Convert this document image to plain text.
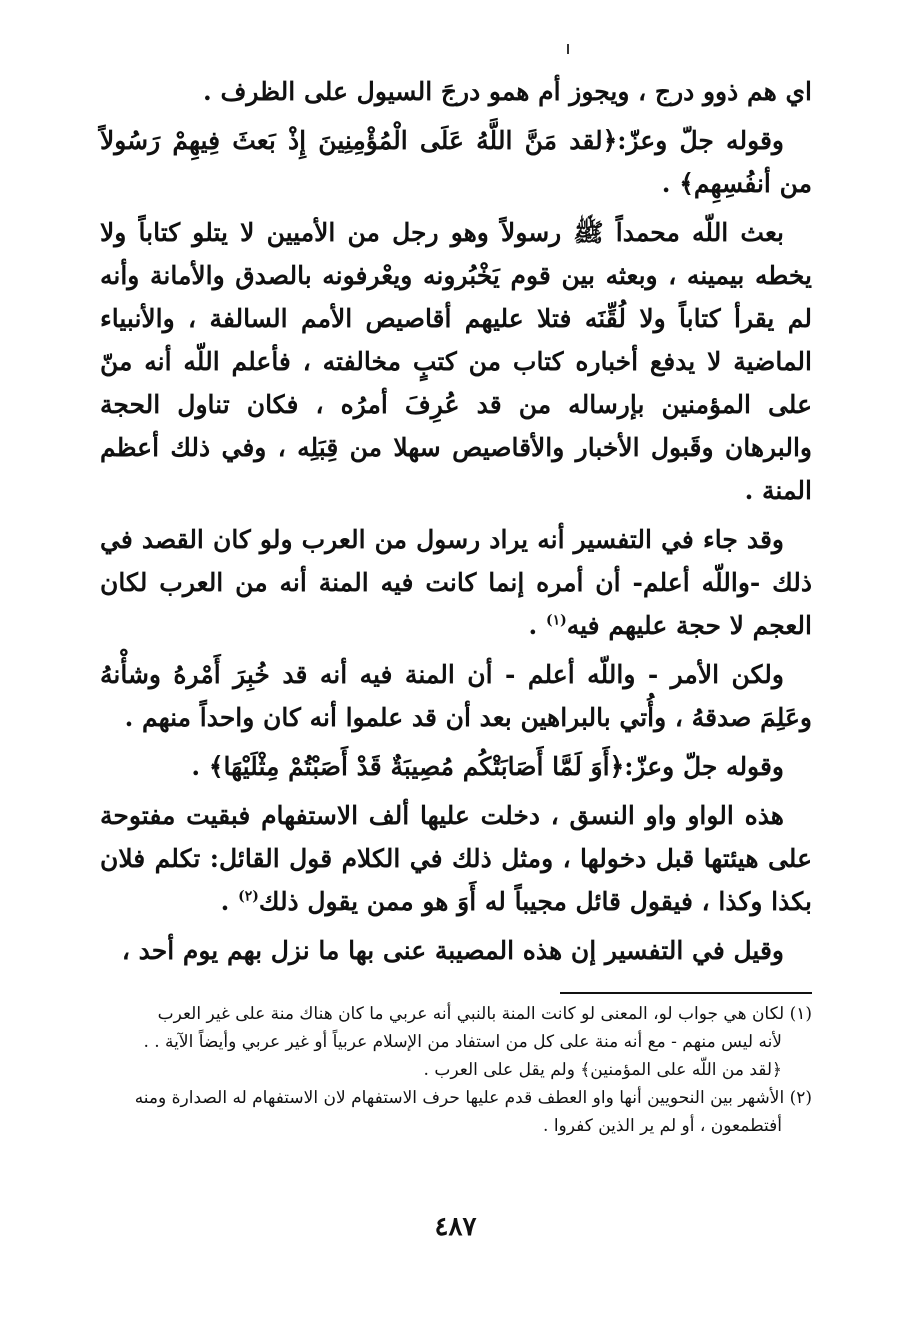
اي هم ذوو درج ، ويجوز أم همو درجَ السيول على الظرف .

وقوله جلّ وعزّ:﴿لقد مَنَّ اللَّهُ عَلَى الْمُؤْمِنِينَ إِذْ بَعثَ فِيهِمْ رَسُولاً من أنفُسِهِم﴾ .

بعث اللّه محمداً ﷺ رسولاً وهو رجل من الأميين لا يتلو كتاباً ولا يخطه بيمينه ، وبعثه بين قوم يَخْبُرونه ويعْرفونه بالصدق والأمانة وأنه لم يقرأ كتاباً ولا لُقِّنَه فتلا عليهم أقاصيص الأمم السالفة ، والأنبياء الماضية لا يدفع أخباره كتاب من كتبٍ مخالفته ، فأعلم اللّه أنه منّ على المؤمنين بإرساله من قد عُرِفَ أمرُه ، فكان تناول الحجة والبرهان وقَبول الأخبار والأقاصيص سهلا من قِبَلِه ، وفي ذلك أعظم المنة .

وقد جاء في التفسير أنه يراد رسول من العرب ولو كان القصد في ذلك -واللّه أعلم- أن أمره إنما كانت فيه المنة أنه من العرب لكان العجم لا حجة عليهم فيه$^{(١)}$ .

ولكن الأمر - واللّه أعلم - أن المنة فيه أنه قد خُبِرَ أَمْرهُ وشأْنهُ وعَلِمَ صدقهُ ، وأُتي بالبراهين بعد أن قد علموا أنه كان واحداً منهم .

وقوله جلّ وعزّ:﴿أَوَ لَمَّا أَصَابَتْكُم مُصِيبَةٌ قَدْ أَصَبْتُمْ مِثْلَيْهَا﴾ .

هذه الواو واو النسق ، دخلت عليها ألف الاستفهام فبقيت مفتوحة على هيئتها قبل دخولها ، ومثل ذلك في الكلام قول القائل: تكلم فلان بكذا وكذا ، فيقول قائل مجيباً له أَوَ هو ممن يقول ذلك$^{(٢)}$ .

وقيل في التفسير إن هذه المصيبة عنى بها ما نزل بهم يوم أحد ،

(١) لكان هي جواب لو، المعنى لو كانت المنة بالنبي أنه عربي ما كان هناك منة على غير العرب

لأنه ليس منهم - مع أنه منة على كل من استفاد من الإسلام عربياً أو غير عربي وأيضاً الآية . .

﴿لقد من اللّه على المؤمنين﴾ ولم يقل على العرب .

(٢) الأشهر بين النحويين أنها واو العطف قدم عليها حرف الاستفهام لان الاستفهام له الصدارة ومنه

أفتطمعون ، أو لم ير الذين كفروا .

٤٨٧
